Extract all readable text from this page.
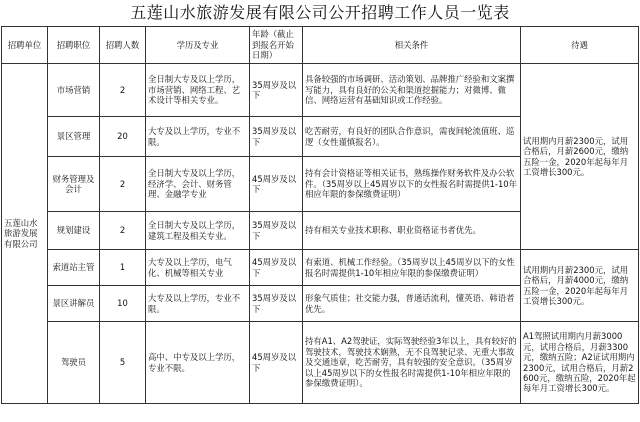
五莲山水旅游发展有限公司公开招聘工作人员一览表
招聘单位	招聘职位	招聘人数	学历及专业	年龄（截止到报名开始日期）	相关条件	待遇
五莲山水旅游发展有限公司	市场营销	2	全日制大专及以上学历，市场营销、网络工程、艺术设计等相关专业。	35周岁及以下	具备较强的市场调研、活动策划、品牌推广经验和文案撰写能力，具有良好的公关和渠道挖掘能力；对微博、微信、网络运营有基础知识或工作经验。	试用期内月薪2300元，试用合格后，月薪2600元，缴纳五险一金，2020年起每年月工资增长300元。
	景区管理	20	大专及以上学历，专业不限。	35周岁及以下	吃苦耐劳，有良好的团队合作意识，需夜间轮流值班、巡逻（女性谨慎报名）。	
	财务管理及会计	2	全日制大专及以上学历，经济学、会计、财务管理、金融学专业	45周岁及以下	持有会计资格证等相关证书，熟练操作财务软件及办公软件。（35周岁以上45周岁以下的女性报名时需提供1-10年相应年限的参保缴费证明）	
	规划建设	2	全日制大专及以上学历，建筑工程及相关专业。	35周岁及以下	持有相关专业技术职称、职业资格证书者优先。	
	索道站主管	1	大专及以上学历，电气化、机械等相关专业	45周岁及以下	有索道、机械工作经验。（35周岁以上45周岁以下的女性报名时需提供1-10年相应年限的参保缴费证明）	试用期内月薪2300元，试用合格后，月薪4000元，缴纳五险一金，2020年起每年月工资增长300元。
	景区讲解员	10	大专及以上学历，专业不限。	35周岁及以下	形象气质佳；社交能力强，普通话流利，懂英语、韩语者优先。	
	驾驶员	5	高中、中专及以上学历，专业不限。	45周岁及以下	持有A1、A2驾驶证，实际驾驶经验3年以上，具有较好的驾驶技术，驾驶技术娴熟，无不良驾驶记录、无重大事故及交通违章，吃苦耐劳，具有较强的安全意识。（35周岁以上45周岁以下的女性报名时需提供1-10年相应年限的参保缴费证明）。	A1驾照试用期内月薪3000元，试用合格后，月薪3300元，缴纳五险；A2证试用期内2300元，试用合格后，月薪2600元，缴纳五险，2020年起每年月工资增长300元。
